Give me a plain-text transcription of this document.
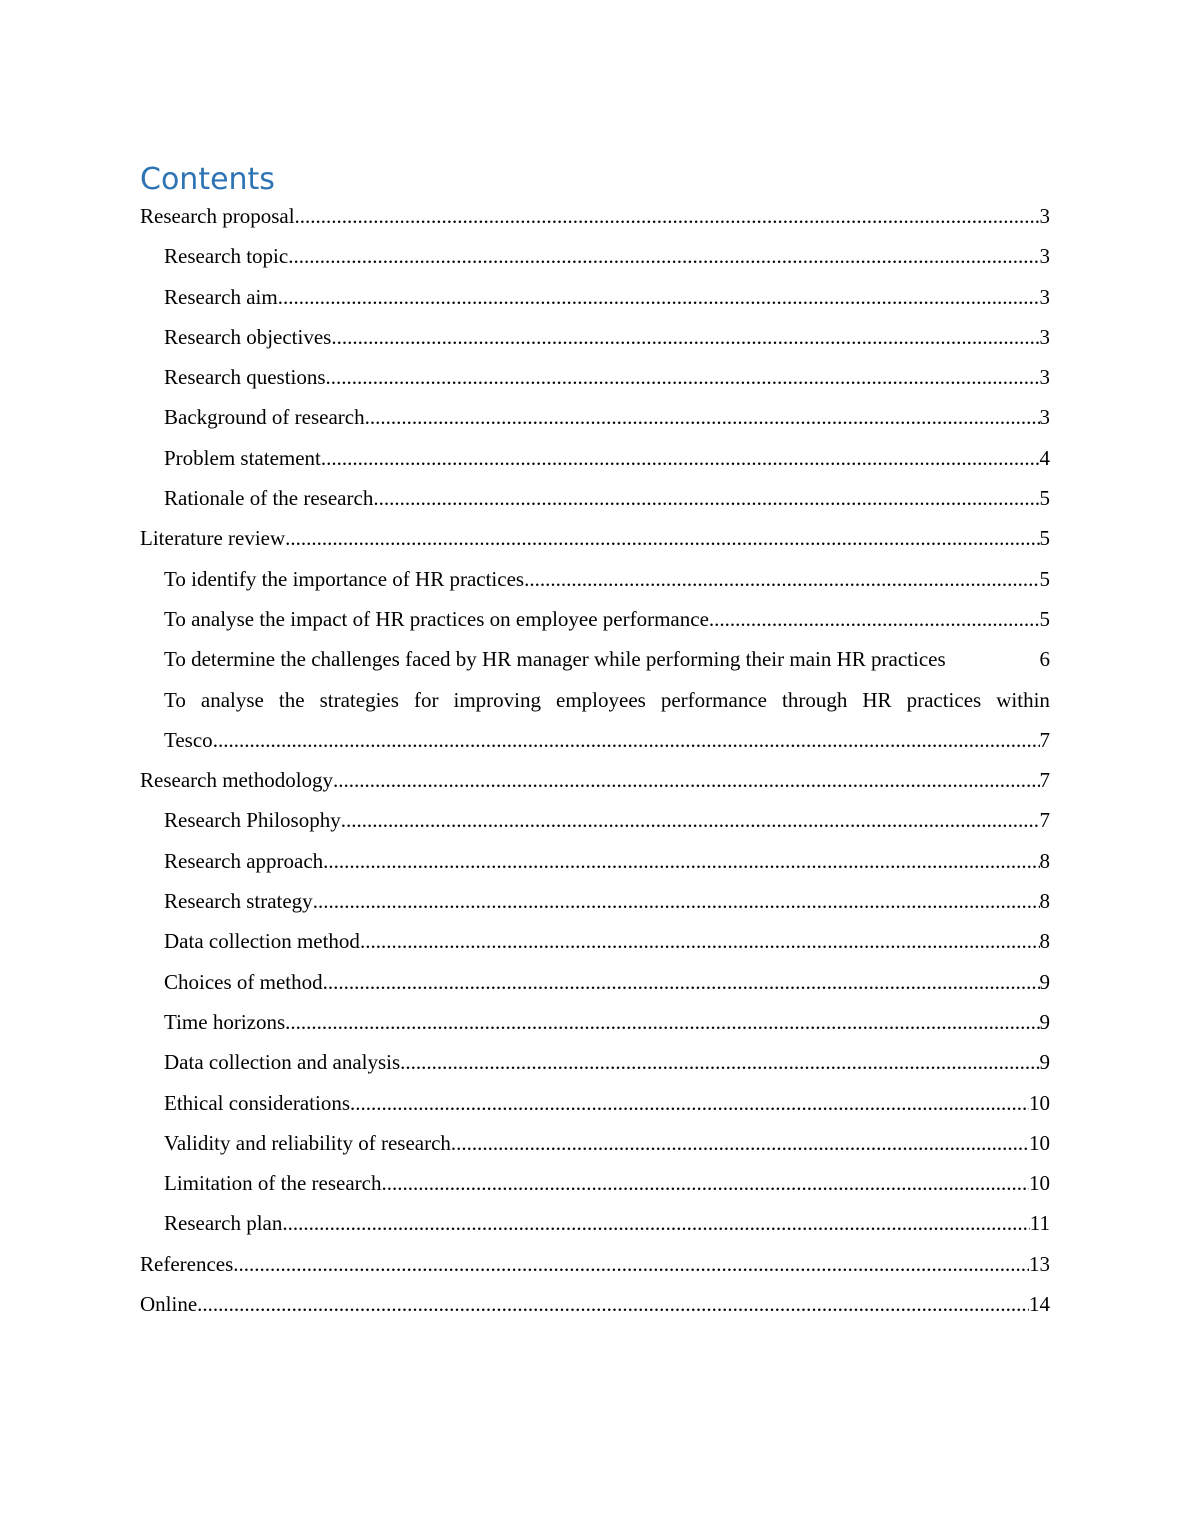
Contents
Research proposal .....	3
Research topic .....	3
Research aim .....	3
Research objectives .....	3
Research questions .....	3
Background of research .....	3
Problem statement .....	4
Rationale of the research .....	5
Literature review .....	5
To identify the importance of HR practices .....	5
To analyse the impact of HR practices on employee performance .....	5
To determine the challenges faced by HR manager while performing their main HR practices	6
To analyse the strategies for improving employees performance through HR practices within
Tesco .....	7
Research methodology .....	7
Research Philosophy .....	7
Research approach .....	8
Research strategy .....	8
Data collection method .....	8
Choices of method .....	9
Time horizons .....	9
Data collection and analysis .....	9
Ethical considerations .....	10
Validity and reliability of research .....	10
Limitation of the research .....	10
Research plan .....	11
References .....	13
Online .....	14
